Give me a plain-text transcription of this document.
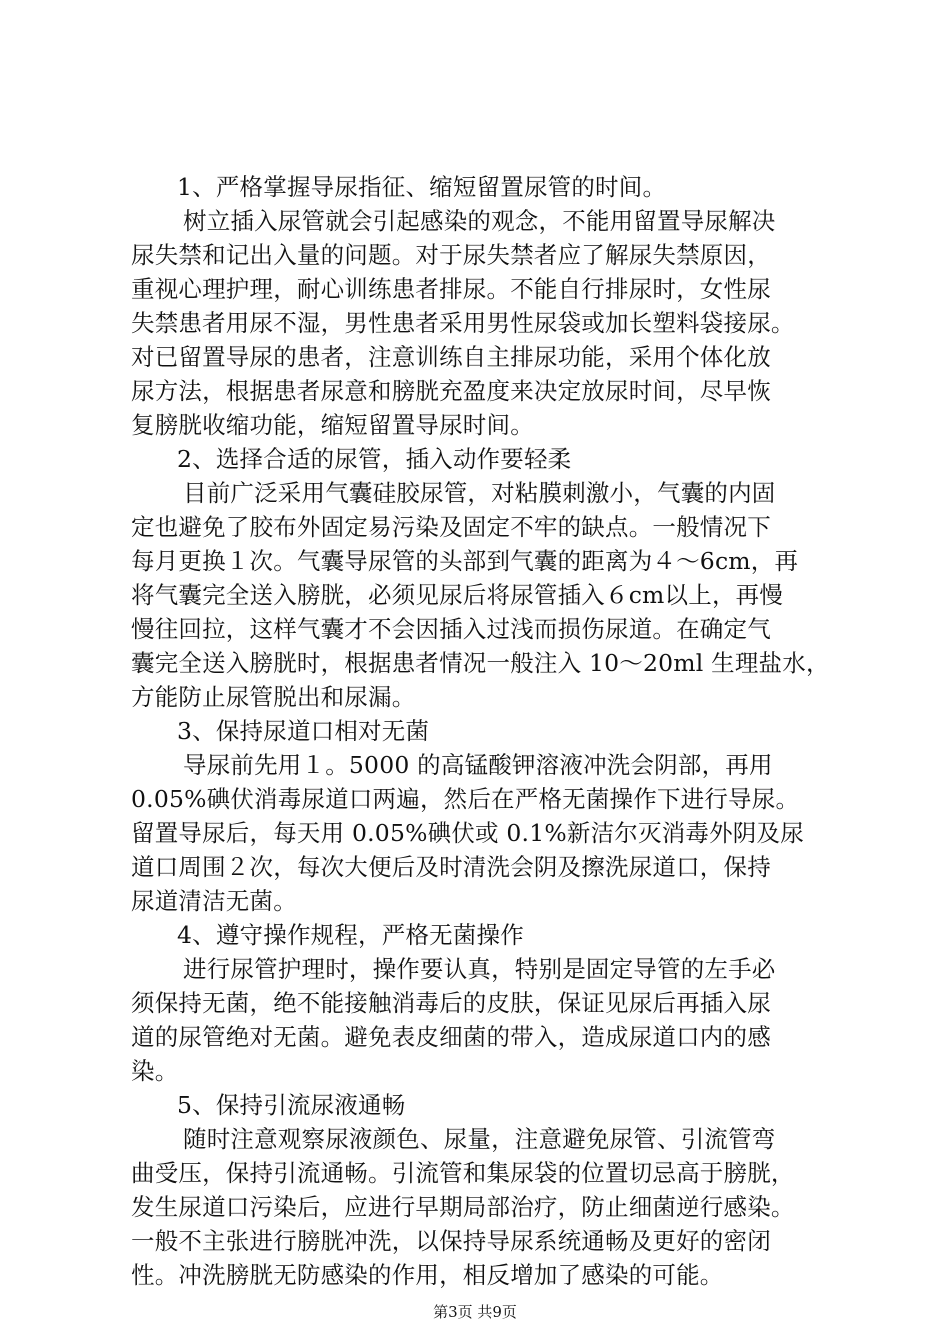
1、严格掌握导尿指征、缩短留置尿管的时间。
树立插入尿管就会引起感染的观念，不能用留置导尿解决
尿失禁和记出入量的问题。对于尿失禁者应了解尿失禁原因，
重视心理护理，耐心训练患者排尿。不能自行排尿时，女性尿
失禁患者用尿不湿，男性患者采用男性尿袋或加长塑料袋接尿。
对已留置导尿的患者，注意训练自主排尿功能，采用个体化放
尿方法，根据患者尿意和膀胱充盈度来决定放尿时间，尽早恢
复膀胱收缩功能，缩短留置导尿时间。
2、选择合适的尿管，插入动作要轻柔
目前广泛采用气囊硅胶尿管，对粘膜刺激小，气囊的内固
定也避免了胶布外固定易污染及固定不牢的缺点。一般情况下
每月更换１次。气囊导尿管的头部到气囊的距离为４～6cm，再
将气囊完全送入膀胱，必须见尿后将尿管插入６cm以上，再慢
慢往回拉，这样气囊才不会因插入过浅而损伤尿道。在确定气
囊完全送入膀胱时，根据患者情况一般注入 10～20ml 生理盐水，
方能防止尿管脱出和尿漏。
3、保持尿道口相对无菌
导尿前先用１。5000 的高锰酸钾溶液冲洗会阴部，再用
0.05%碘伏消毒尿道口两遍，然后在严格无菌操作下进行导尿。
留置导尿后，每天用 0.05%碘伏或 0.1%新洁尔灭消毒外阴及尿
道口周围２次，每次大便后及时清洗会阴及擦洗尿道口，保持
尿道清洁无菌。
4、遵守操作规程，严格无菌操作
进行尿管护理时，操作要认真，特别是固定导管的左手必
须保持无菌，绝不能接触消毒后的皮肤，保证见尿后再插入尿
道的尿管绝对无菌。避免表皮细菌的带入，造成尿道口内的感
染。
5、保持引流尿液通畅
随时注意观察尿液颜色、尿量，注意避免尿管、引流管弯
曲受压，保持引流通畅。引流管和集尿袋的位置切忌高于膀胱，
发生尿道口污染后，应进行早期局部治疗，防止细菌逆行感染。
一般不主张进行膀胱冲洗，以保持导尿系统通畅及更好的密闭
性。冲洗膀胱无防感染的作用，相反增加了感染的可能。
第3页 共9页
